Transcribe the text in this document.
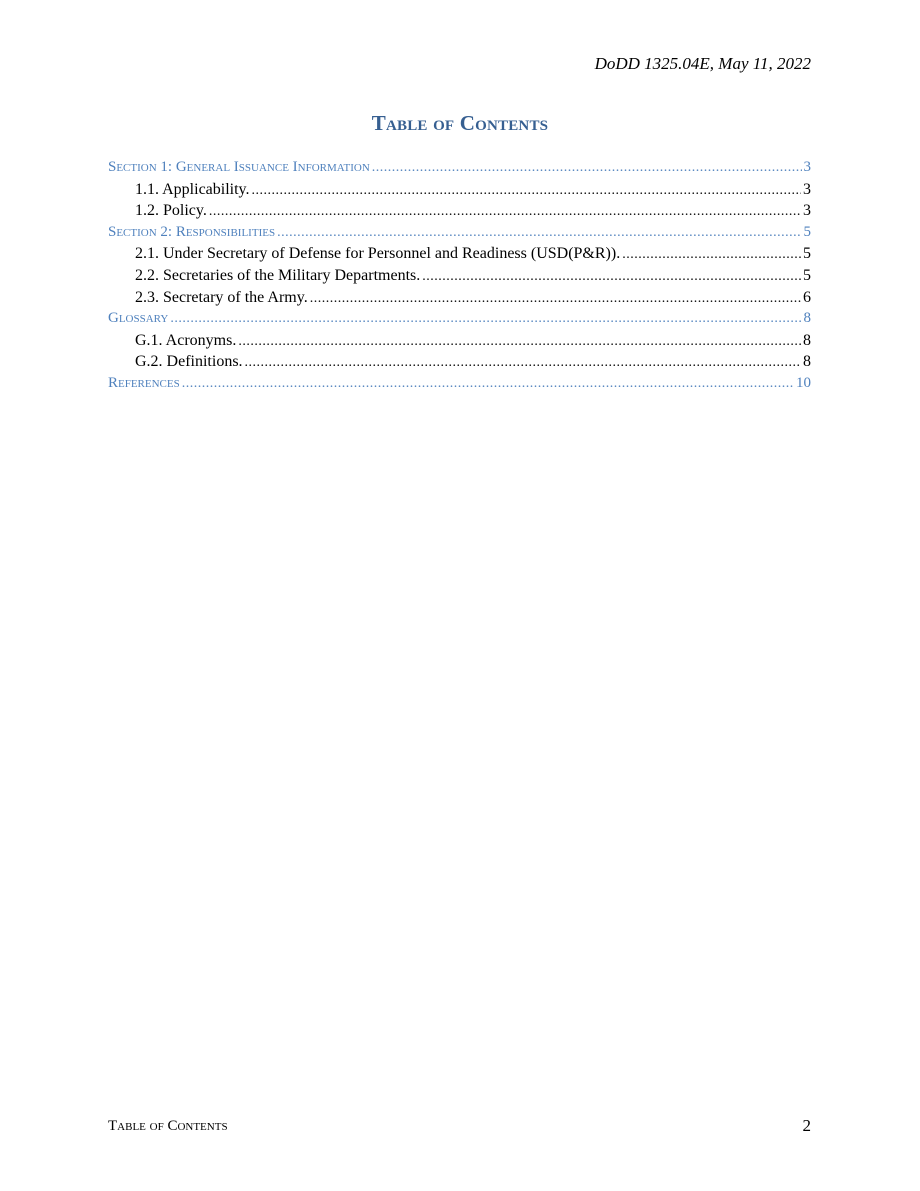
DoDD 1325.04E, May 11, 2022
Table of Contents
Section 1: General Issuance Information .....	3
1.1. Applicability. .....	3
1.2. Policy. .....	3
Section 2: Responsibilities .....	5
2.1. Under Secretary of Defense for Personnel and Readiness (USD(P&R)). .....	5
2.2. Secretaries of the Military Departments. .....	5
2.3. Secretary of the Army. .....	6
Glossary .....	8
G.1. Acronyms. .....	8
G.2. Definitions. .....	8
References .....	10
Table of Contents	2
